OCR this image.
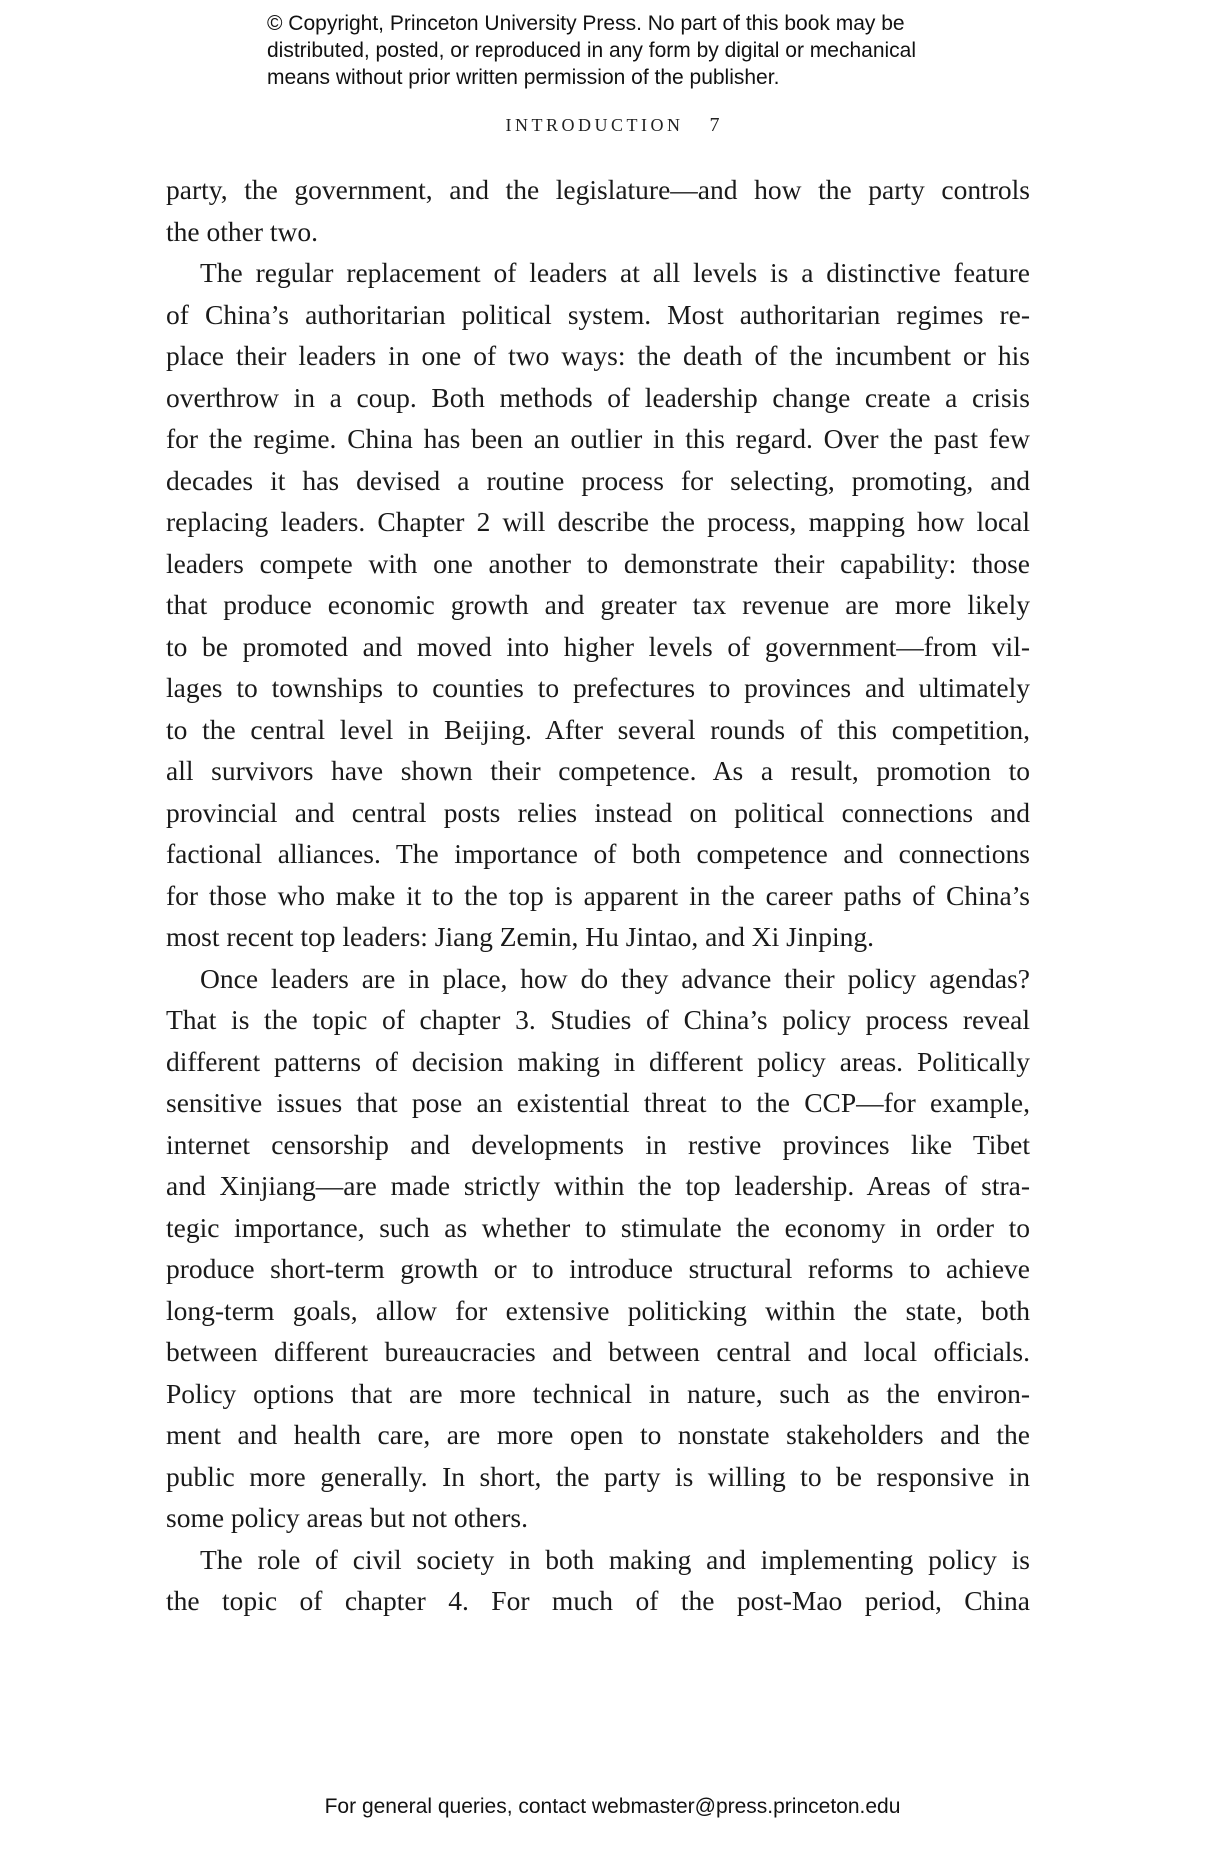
© Copyright, Princeton University Press. No part of this book may be
distributed, posted, or reproduced in any form by digital or mechanical
means without prior written permission of the publisher.
INTRODUCTION 7
party, the government, and the legislature—and how the party controls
the other two.
The regular replacement of leaders at all levels is a distinctive feature
of China’s authoritarian political system. Most authoritarian regimes re-
place their leaders in one of two ways: the death of the incumbent or his
overthrow in a coup. Both methods of leadership change create a crisis
for the regime. China has been an outlier in this regard. Over the past few
decades it has devised a routine process for selecting, promoting, and
replacing leaders. Chapter 2 will describe the process, mapping how local
leaders compete with one another to demonstrate their capability: those
that produce economic growth and greater tax revenue are more likely
to be promoted and moved into higher levels of government—from vil-
lages to townships to counties to prefectures to provinces and ultimately
to the central level in Beijing. After several rounds of this competition,
all survivors have shown their competence. As a result, promotion to
provincial and central posts relies instead on political connections and
factional alliances. The importance of both competence and connections
for those who make it to the top is apparent in the career paths of China’s
most recent top leaders: Jiang Zemin, Hu Jintao, and Xi Jinping.
Once leaders are in place, how do they advance their policy agendas?
That is the topic of chapter 3. Studies of China’s policy process reveal
different patterns of decision making in different policy areas. Politically
sensitive issues that pose an existential threat to the CCP—for example,
internet censorship and developments in restive provinces like Tibet
and Xinjiang—are made strictly within the top leadership. Areas of stra-
tegic importance, such as whether to stimulate the economy in order to
produce short-term growth or to introduce structural reforms to achieve
long-term goals, allow for extensive politicking within the state, both
between different bureaucracies and between central and local officials.
Policy options that are more technical in nature, such as the environ-
ment and health care, are more open to nonstate stakeholders and the
public more generally. In short, the party is willing to be responsive in
some policy areas but not others.
The role of civil society in both making and implementing policy is
the topic of chapter 4. For much of the post-Mao period, China
For general queries, contact webmaster@press.princeton.edu
